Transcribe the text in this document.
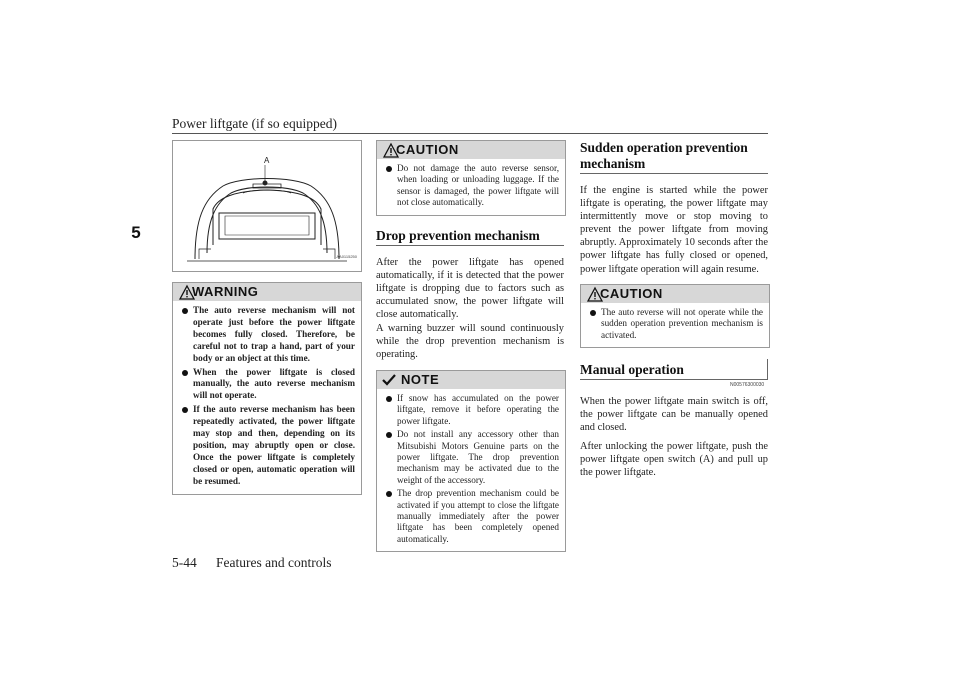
Power liftgate (if so equipped)
5
A
AA0115250
WARNING
The auto reverse mechanism will not operate just before the power liftgate becomes fully closed. Therefore, be careful not to trap a hand, part of your body or an object at this time.
When the power liftgate is closed manually, the auto reverse mechanism will not operate.
If the auto reverse mechanism has been repeatedly activated, the power liftgate may stop and then, depending on its position, may abruptly open or close. Once the power liftgate is completely closed or open, automatic operation will be resumed.
CAUTION
Do not damage the auto reverse sensor, when loading or unloading luggage. If the sensor is damaged, the power liftgate will not close automatically.
Drop prevention mechanism
After the power liftgate has opened automatically, if it is detected that the power liftgate is dropping due to factors such as accumulated snow, the power liftgate will close automatically.
A warning buzzer will sound continuously while the drop prevention mechanism is operating.
NOTE
If snow has accumulated on the power liftgate, remove it before operating the power liftgate.
Do not install any accessory other than Mitsubishi Motors Genuine parts on the power liftgate. The drop prevention mechanism may be activated due to the weight of the accessory.
The drop prevention mechanism could be activated if you attempt to close the liftgate manually immediately after the power liftgate has been completely opened automatically.
Sudden operation prevention
mechanism
If the engine is started while the power liftgate is operating, the power liftgate may intermittently move or stop moving to prevent the power liftgate from moving abruptly. Approximately 10 seconds after the power liftgate has fully closed or opened, power liftgate operation will again resume.
CAUTION
The auto reverse will not operate while the sudden operation prevention mechanism is activated.
Manual operation
N00576300030
When the power liftgate main switch is off, the power liftgate can be manually opened and closed.
After unlocking the power liftgate, push the power liftgate open switch (A) and pull up the power liftgate.
5-44 Features and controls
